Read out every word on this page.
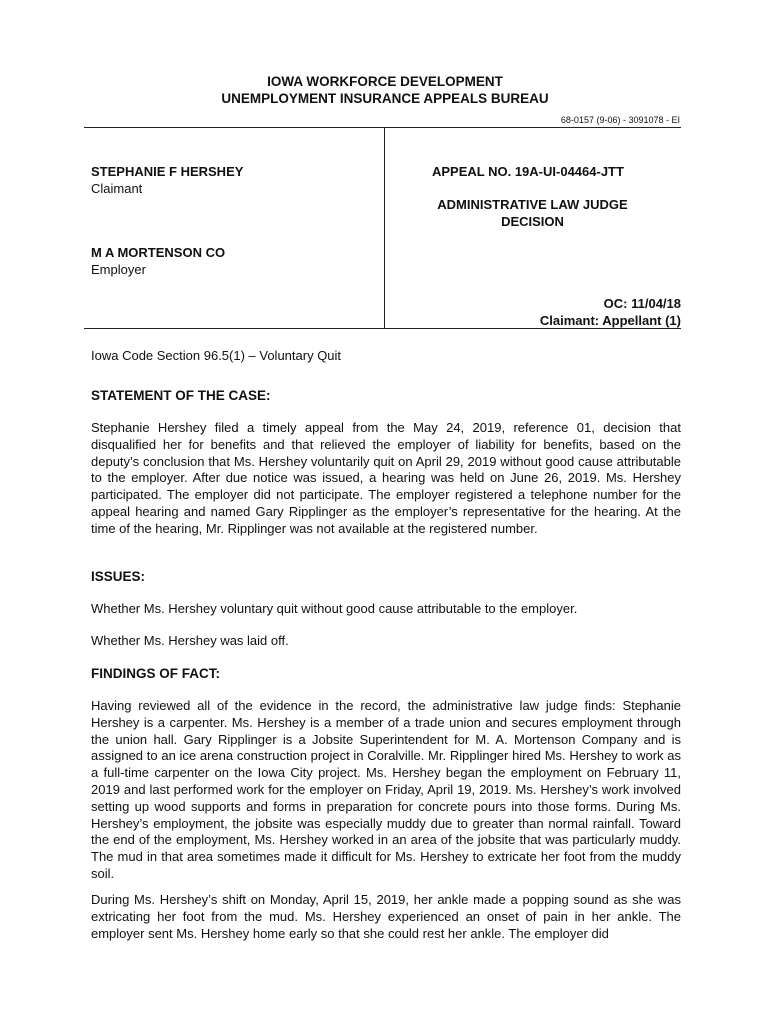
IOWA WORKFORCE DEVELOPMENT
UNEMPLOYMENT INSURANCE APPEALS BUREAU
68-0157 (9-06) - 3091078 - EI
STEPHANIE F HERSHEY
Claimant
M A MORTENSON CO
Employer
APPEAL NO. 19A-UI-04464-JTT
ADMINISTRATIVE LAW JUDGE
DECISION
OC: 11/04/18
Claimant: Appellant (1)
Iowa Code Section 96.5(1) – Voluntary Quit
STATEMENT OF THE CASE:
Stephanie Hershey filed a timely appeal from the May 24, 2019, reference 01, decision that disqualified her for benefits and that relieved the employer of liability for benefits, based on the deputy’s conclusion that Ms. Hershey voluntarily quit on April 29, 2019 without good cause attributable to the employer. After due notice was issued, a hearing was held on June 26, 2019. Ms. Hershey participated. The employer did not participate. The employer registered a telephone number for the appeal hearing and named Gary Ripplinger as the employer’s representative for the hearing. At the time of the hearing, Mr. Ripplinger was not available at the registered number.
ISSUES:
Whether Ms. Hershey voluntary quit without good cause attributable to the employer.
Whether Ms. Hershey was laid off.
FINDINGS OF FACT:
Having reviewed all of the evidence in the record, the administrative law judge finds: Stephanie Hershey is a carpenter. Ms. Hershey is a member of a trade union and secures employment through the union hall. Gary Ripplinger is a Jobsite Superintendent for M. A. Mortenson Company and is assigned to an ice arena construction project in Coralville. Mr. Ripplinger hired Ms. Hershey to work as a full-time carpenter on the Iowa City project. Ms. Hershey began the employment on February 11, 2019 and last performed work for the employer on Friday, April 19, 2019. Ms. Hershey’s work involved setting up wood supports and forms in preparation for concrete pours into those forms. During Ms. Hershey’s employment, the jobsite was especially muddy due to greater than normal rainfall. Toward the end of the employment, Ms. Hershey worked in an area of the jobsite that was particularly muddy. The mud in that area sometimes made it difficult for Ms. Hershey to extricate her foot from the muddy soil.
During Ms. Hershey’s shift on Monday, April 15, 2019, her ankle made a popping sound as she was extricating her foot from the mud. Ms. Hershey experienced an onset of pain in her ankle. The employer sent Ms. Hershey home early so that she could rest her ankle. The employer did
